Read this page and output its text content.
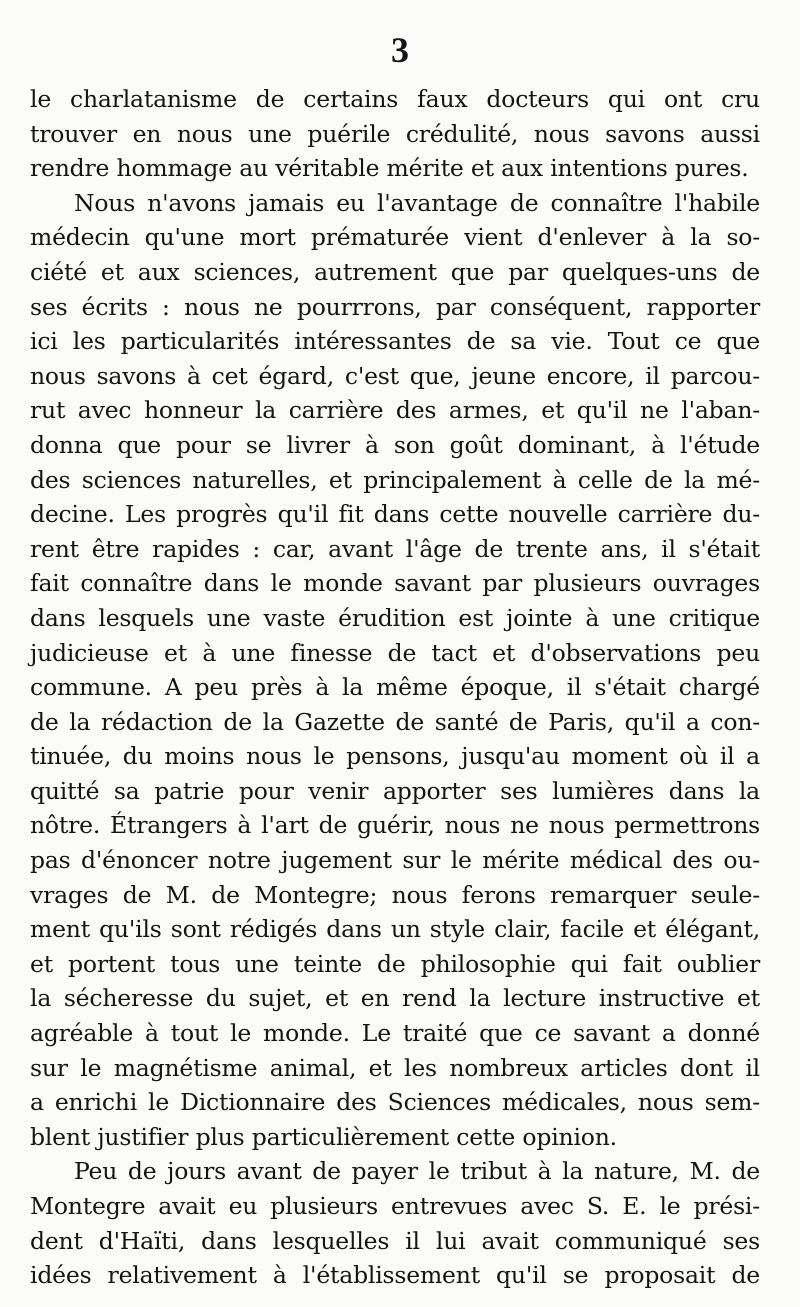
3
le charlatanisme de certains faux docteurs qui ont cru
trouver en nous une puérile crédulité, nous savons aussi
rendre hommage au véritable mérite et aux intentions pures.
Nous n'avons jamais eu l'avantage de connaître l'habile
médecin qu'une mort prématurée vient d'enlever à la so-
ciété et aux sciences, autrement que par quelques-uns de
ses écrits : nous ne pourrrons, par conséquent, rapporter
ici les particularités intéressantes de sa vie. Tout ce que
nous savons à cet égard, c'est que, jeune encore, il parcou-
rut avec honneur la carrière des armes, et qu'il ne l'aban-
donna que pour se livrer à son goût dominant, à l'étude
des sciences naturelles, et principalement à celle de la mé-
decine. Les progrès qu'il fit dans cette nouvelle carrière du-
rent être rapides : car, avant l'âge de trente ans, il s'était
fait connaître dans le monde savant par plusieurs ouvrages
dans lesquels une vaste érudition est jointe à une critique
judicieuse et à une finesse de tact et d'observations peu
commune. A peu près à la même époque, il s'était chargé
de la rédaction de la Gazette de santé de Paris, qu'il a con-
tinuée, du moins nous le pensons, jusqu'au moment où il a
quitté sa patrie pour venir apporter ses lumières dans la
nôtre. Étrangers à l'art de guérir, nous ne nous permettrons
pas d'énoncer notre jugement sur le mérite médical des ou-
vrages de M. de Montegre; nous ferons remarquer seule-
ment qu'ils sont rédigés dans un style clair, facile et élégant,
et portent tous une teinte de philosophie qui fait oublier
la sécheresse du sujet, et en rend la lecture instructive et
agréable à tout le monde. Le traité que ce savant a donné
sur le magnétisme animal, et les nombreux articles dont il
a enrichi le Dictionnaire des Sciences médicales, nous sem-
blent justifier plus particulièrement cette opinion.
Peu de jours avant de payer le tribut à la nature, M. de
Montegre avait eu plusieurs entrevues avec S. E. le prési-
dent d'Haïti, dans lesquelles il lui avait communiqué ses
idées relativement à l'établissement qu'il se proposait de
